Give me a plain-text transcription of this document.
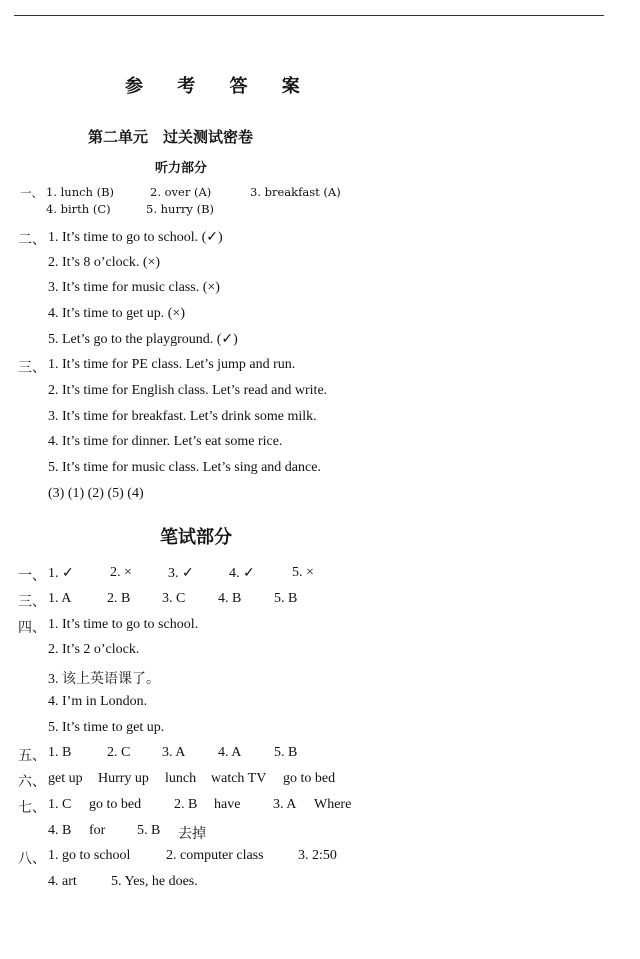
参 考 答 案
第二单元　过关测试密卷
听力部分
一、 1. lunch (B)	2. over (A)	3. breakfast (A)
4. birth (C)	5. hurry (B)
二、 1. It’s time to go to school. (✓)
2. It’s 8 o’clock. (×)
3. It’s time for music class. (×)
4. It’s time to get up. (×)
5. Let’s go to the playground. (✓)
三、 1. It’s time for PE class. Let’s jump and run.
2. It’s time for English class. Let’s read and write.
3. It’s time for breakfast. Let’s drink some milk.
4. It’s time for dinner. Let’s eat some rice.
5. It’s time for music class. Let’s sing and dance.
(3) (1) (2) (5) (4)
笔试部分
一、 1. ✓	2. ×	3. ✓	4. ✓	5. ×
三、 1. A	2. B 3. C 4. B 5. B
四、 1. It’s time to go to school.
2. It’s 2 o’clock.
3. 该上英语课了。
4. I’m in London.
5. It’s time to get up.
五、 1. B	2. C 3. A 4. A 5. B
六、 get up Hurry up lunch watch TV go to bed
七、 1. C go to bed 2. B have 3. A Where
4. B for 5. B 去掉
八、 1. go to school	2. computer class 3. 2:50
4. art 5. Yes, he does.
